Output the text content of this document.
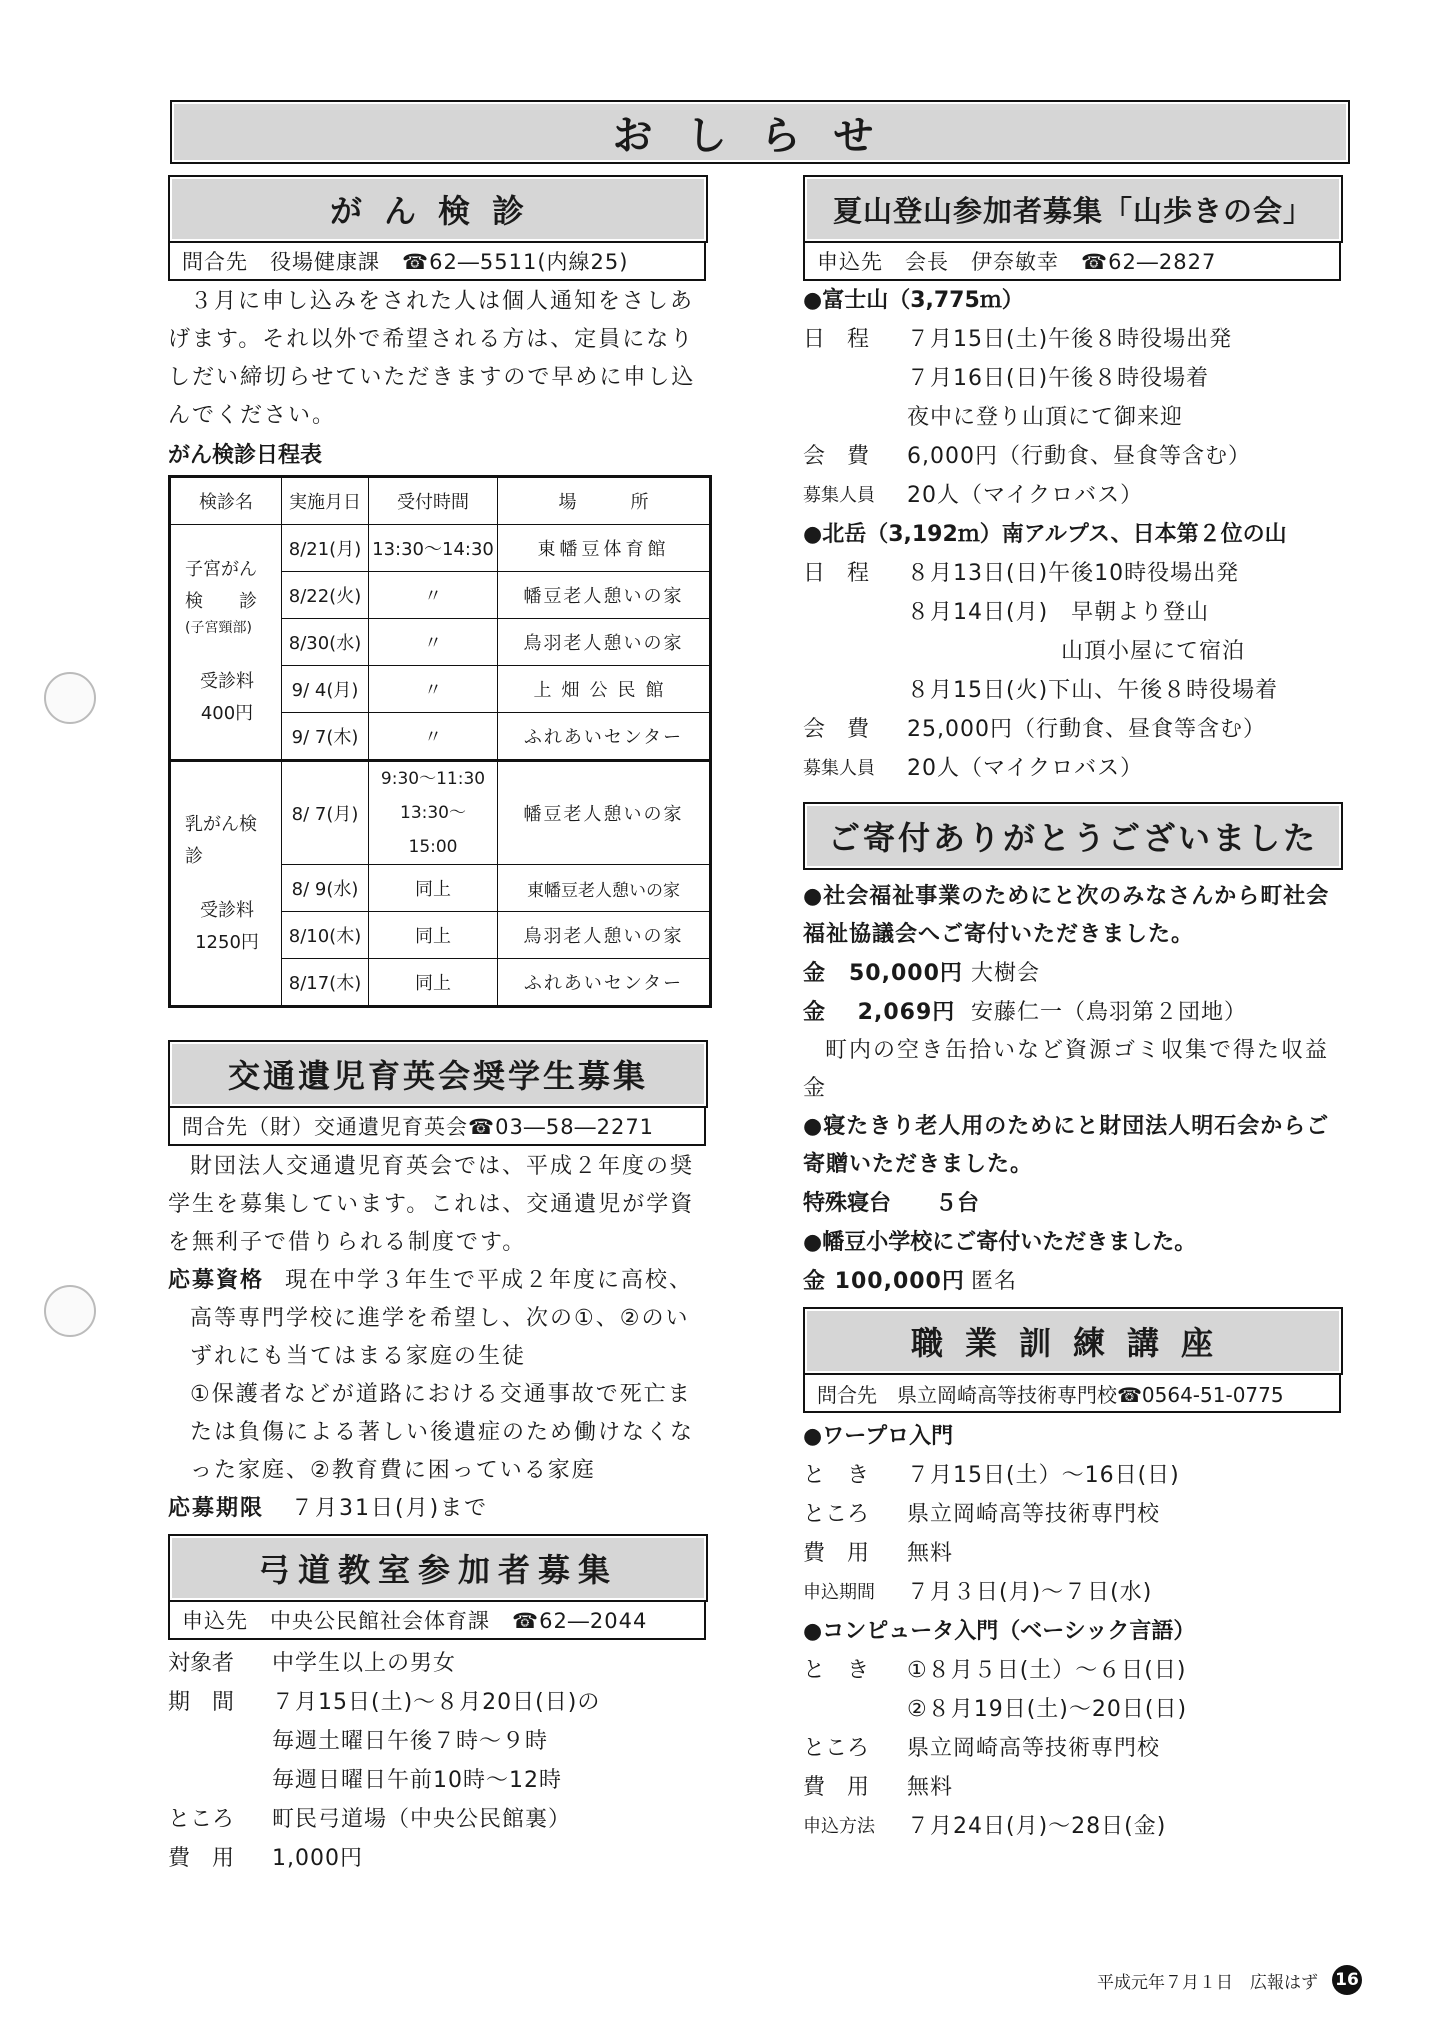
おしらせ
がん検診
問合先　役場健康課　☎62―5511(内線25)

３月に申し込みをされた人は個人通知をさしあげます。それ以外で希望される方は、定員になりしだい締切らせていただきますので早めに申し込んでください。

がん検診日程表
検診名	実施月日	受付時間	場　　　所

子宮がん検　　診
(子宮頸部)
受診料400円	8/21(月)	13:30～14:30	東幡豆体育館
	8/22(火)	〃	幡豆老人憩いの家
	8/30(水)	〃	鳥羽老人憩いの家
	9/ 4(月)	〃	上畑公民館
	9/ 7(木)	〃	ふれあいセンター

乳がん検　　診
受診料1250円	8/ 7(月)	9:30～11:30 13:30～15:00	幡豆老人憩いの家
	8/ 9(水)	同上	東幡豆老人憩いの家
	8/10(木)	同上	鳥羽老人憩いの家
	8/17(木)	同上	ふれあいセンター
交通遺児育英会奨学生募集
問合先（財）交通遺児育英会☎03―58―2271

財団法人交通遺児育英会では、平成２年度の奨学生を募集しています。これは、交通遺児が学資を無利子で借りられる制度です。

応募資格 現在中学３年生で平成２年度に高校、高等専門学校に進学を希望し、次の①、②のいずれにも当てはまる家庭の生徒

①保護者などが道路における交通事故で死亡または負傷による著しい後遺症のため働けなくなった家庭、②教育費に困っている家庭

応募期限 ７月31日(月)まで

弓道教室参加者募集
申込先　中央公民館社会体育課　☎62―2044
対象者	中学生以上の男女
期　間	７月15日(土)～８月20日(日)の
毎週土曜日午後７時～９時
毎週日曜日午前10時～12時
ところ	町民弓道場（中央公民館裏）
費　用	1,000円
夏山登山参加者募集「山歩きの会」
申込先　会長　伊奈敏幸　☎62―2827
●富士山（3,775ｍ）
日　程	７月15日(土)午後８時役場出発
７月16日(日)午後８時役場着
夜中に登り山頂にて御来迎
会　費	6,000円（行動食、昼食等含む）
募集人員	20人（マイクロバス）
●北岳（3,192ｍ）南アルプス、日本第２位の山
日　程	８月13日(日)午後10時役場出発
８月14日(月)　早朝より登山
山頂小屋にて宿泊
８月15日(火)下山、午後８時役場着
会　費	25,000円（行動食、昼食等含む）
募集人員	20人（マイクロバス）
ご寄付ありがとうございました

●社会福祉事業のためにと次のみなさんから町社会福祉協議会へご寄付いただきました。

金　50,000円 大樹会
金　 2,069円 安藤仁一（鳥羽第２団地）

町内の空き缶拾いなど資源ゴミ収集で得た収益金

●寝たきり老人用のためにと財団法人明石会からご寄贈いただきました。

特殊寝台　　５台
●幡豆小学校にご寄付いただきました。
金 100,000円 匿名
職業訓練講座
問合先　県立岡崎高等技術専門校☎0564-51-0775
●ワープロ入門
と　き	７月15日(土）～16日(日)
ところ	県立岡崎高等技術専門校
費　用	無料
申込期間	７月３日(月)～７日(水)
●コンピュータ入門（ベーシック言語）
と　き	①８月５日(土）～６日(日)
②８月19日(土)～20日(日)
ところ	県立岡崎高等技術専門校
費　用	無料
申込方法	７月24日(月)～28日(金)
平成元年７月１日　広報はず 16
